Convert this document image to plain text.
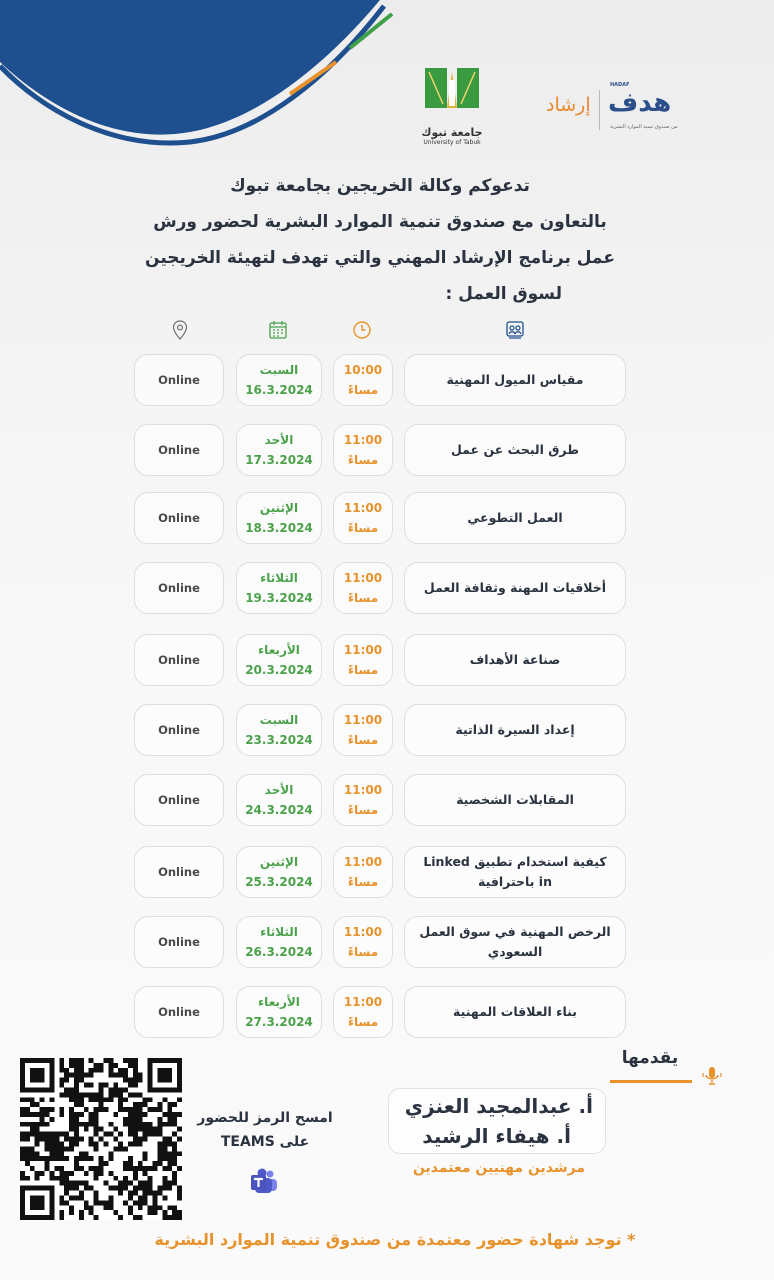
جامعة تبوك
University of Tabuk
إرشاد
HADAF
هدف
من صندوق تنمية الموارد البشرية
تدعوكم وكالة الخريجين بجامعة تبوك
بالتعاون مع صندوق تنمية الموارد البشرية لحضور ورش
عمل برنامج الإرشاد المهني والتي تهدف لتهيئة الخريجين
لسوق العمل :
مقياس الميول المهنية
10:00
مساءً
السبت
16.3.2024
Online
طرق البحث عن عمل
11:00
مساءً
الأحد
17.3.2024
Online
العمل التطوعي
11:00
مساءً
الإثنين
18.3.2024
Online
أخلاقيات المهنة وثقافة العمل
11:00
مساءً
الثلاثاء
19.3.2024
Online
صناعة الأهداف
11:00
مساءً
الأربعاء
20.3.2024
Online
إعداد السيرة الذاتية
11:00
مساءً
السبت
23.3.2024
Online
المقابلات الشخصية
11:00
مساءً
الأحد
24.3.2024
Online
كيفية استخدام تطبيق Linked in باحترافية
11:00
مساءً
الإثنين
25.3.2024
Online
الرخص المهنية في سوق العمل السعودي
11:00
مساءً
الثلاثاء
26.3.2024
Online
بناء العلاقات المهنية
11:00
مساءً
الأربعاء
27.3.2024
Online
يقدمها
أ. عبدالمجيد العنزي
أ. هيفاء الرشيد
مرشدين مهنيين معتمدين
امسح الرمز للحضور
على TEAMS
* توجد شهادة حضور معتمدة من صندوق تنمية الموارد البشرية
